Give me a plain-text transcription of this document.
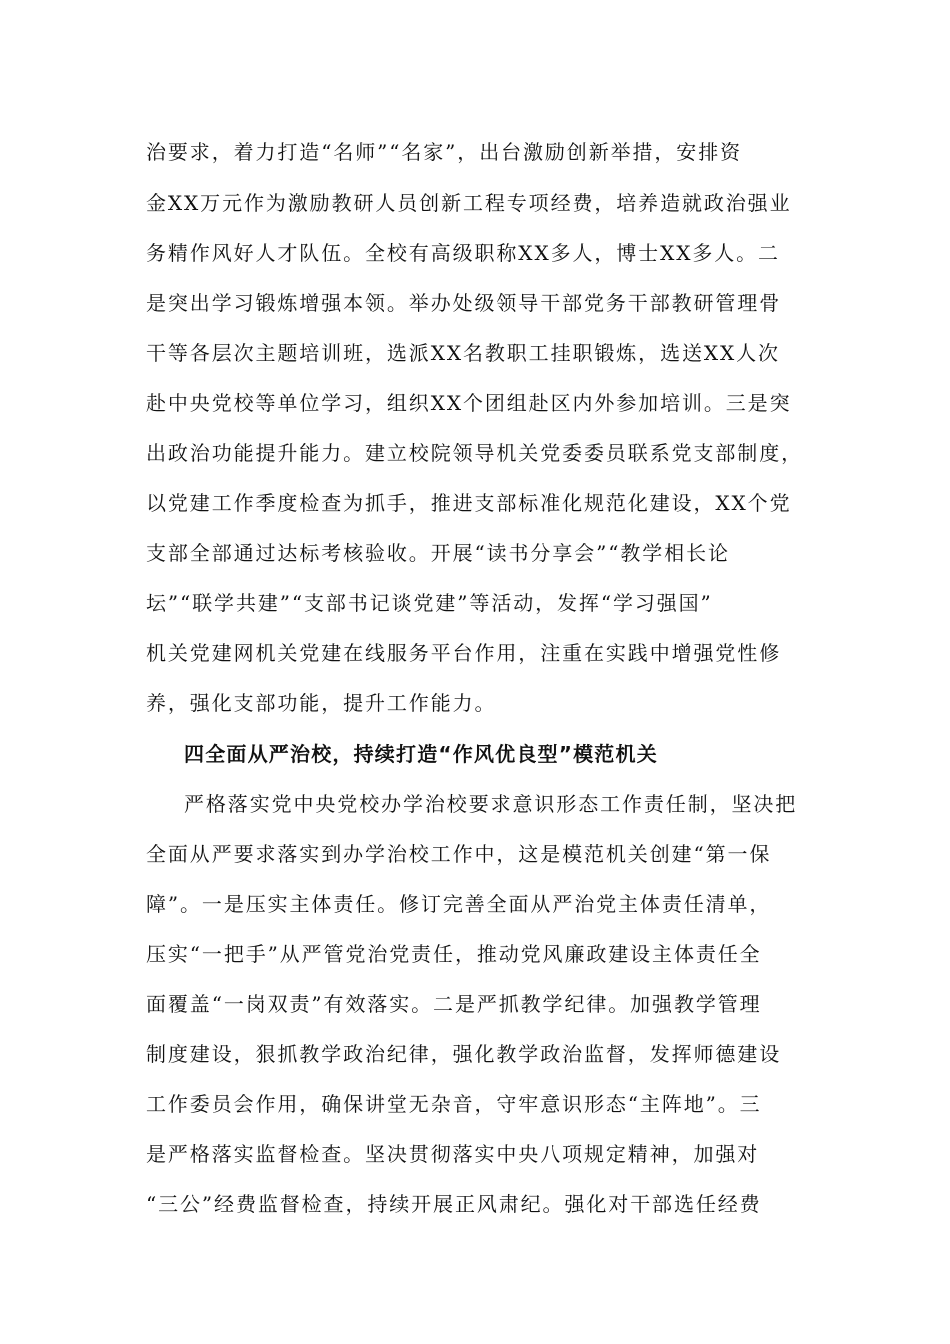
治要求，着力打造“名师”“名家”，出台激励创新举措，安排资
金XX万元作为激励教研人员创新工程专项经费，培养造就政治强业
务精作风好人才队伍。全校有高级职称XX多人，博士XX多人。二
是突出学习锻炼增强本领。举办处级领导干部党务干部教研管理骨
干等各层次主题培训班，选派XX名教职工挂职锻炼，选送XX人次
赴中央党校等单位学习，组织XX个团组赴区内外参加培训。三是突
出政治功能提升能力。建立校院领导机关党委委员联系党支部制度，
以党建工作季度检查为抓手，推进支部标准化规范化建设，XX个党
支部全部通过达标考核验收。开展“读书分享会”“教学相长论
坛”“联学共建”“支部书记谈党建”等活动，发挥“学习强国”
机关党建网机关党建在线服务平台作用，注重在实践中增强党性修
养，强化支部功能，提升工作能力。
四全面从严治校，持续打造“作风优良型”模范机关
严格落实党中央党校办学治校要求意识形态工作责任制，坚决把
全面从严要求落实到办学治校工作中，这是模范机关创建“第一保
障”。一是压实主体责任。修订完善全面从严治党主体责任清单，
压实“一把手”从严管党治党责任，推动党风廉政建设主体责任全
面覆盖“一岗双责”有效落实。二是严抓教学纪律。加强教学管理
制度建设，狠抓教学政治纪律，强化教学政治监督，发挥师德建设
工作委员会作用，确保讲堂无杂音，守牢意识形态“主阵地”。三
是严格落实监督检查。坚决贯彻落实中央八项规定精神，加强对
“三公”经费监督检查，持续开展正风肃纪。强化对干部选任经费
